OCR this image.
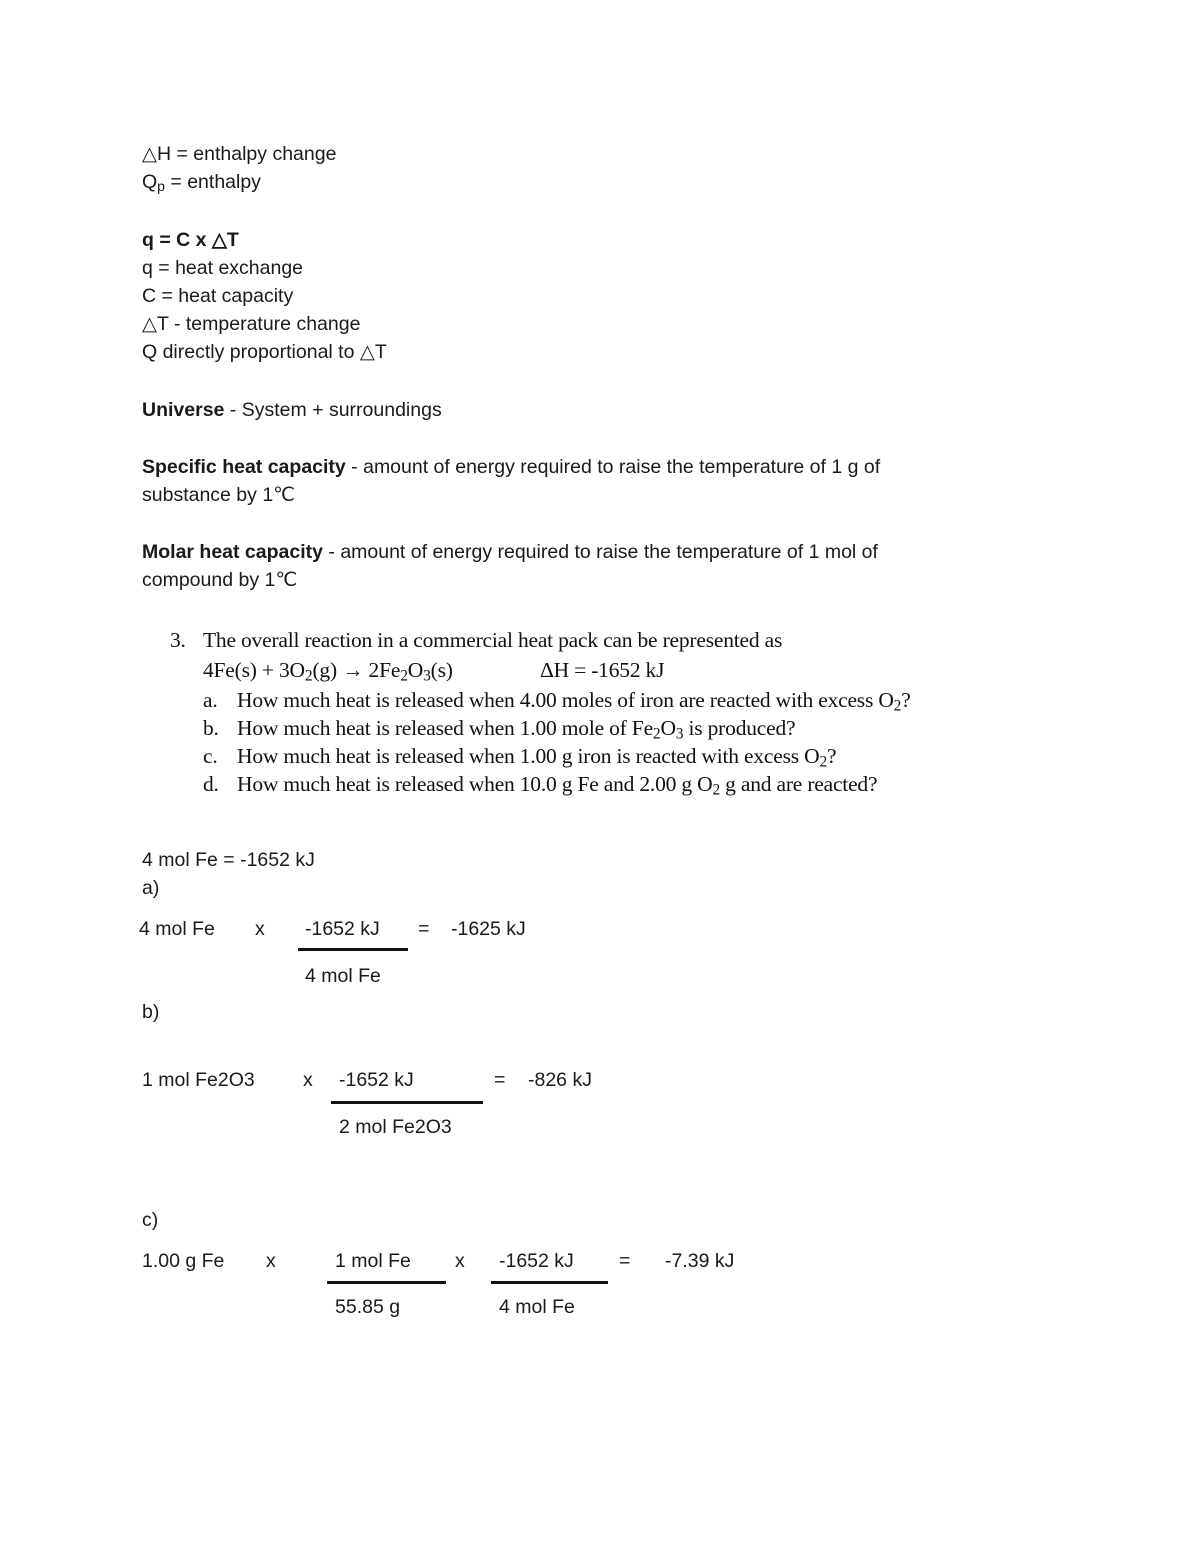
△H = enthalpy change
$Q_p$ = enthalpy
q = C x △T
q = heat exchange
C = heat capacity
△T - temperature change
Q directly proportional to △T
Universe - System + surroundings
Specific heat capacity - amount of energy required to raise the temperature of 1 g of
substance by 1℃
Molar heat capacity - amount of energy required to raise the temperature of 1 mol of
compound by 1℃
3. The overall reaction in a commercial heat pack can be represented as
$4Fe(s) + 3O_2(g) \to 2Fe_2O_3(s)$	ΔH = -1652 kJ
a. How much heat is released when 4.00 moles of iron are reacted with excess $O_2$?
b. How much heat is released when 1.00 mole of $Fe_2O_3$ is produced?
c. How much heat is released when 1.00 g iron is reacted with excess $O_2$?
d. How much heat is released when 10.0 g Fe and 2.00 g $O_2$ g and are reacted?
4 mol Fe = -1652 kJ
a)
4 mol Fe x -1652 kJ = -1625 kJ
4 mol Fe
b)
1 mol Fe2O3 x -1652 kJ	= -826 kJ
2 mol Fe2O3
c)
1.00 g Fe x	1 mol Fe x -1652 kJ = -7.39 kJ
55.85 g	4 mol Fe
